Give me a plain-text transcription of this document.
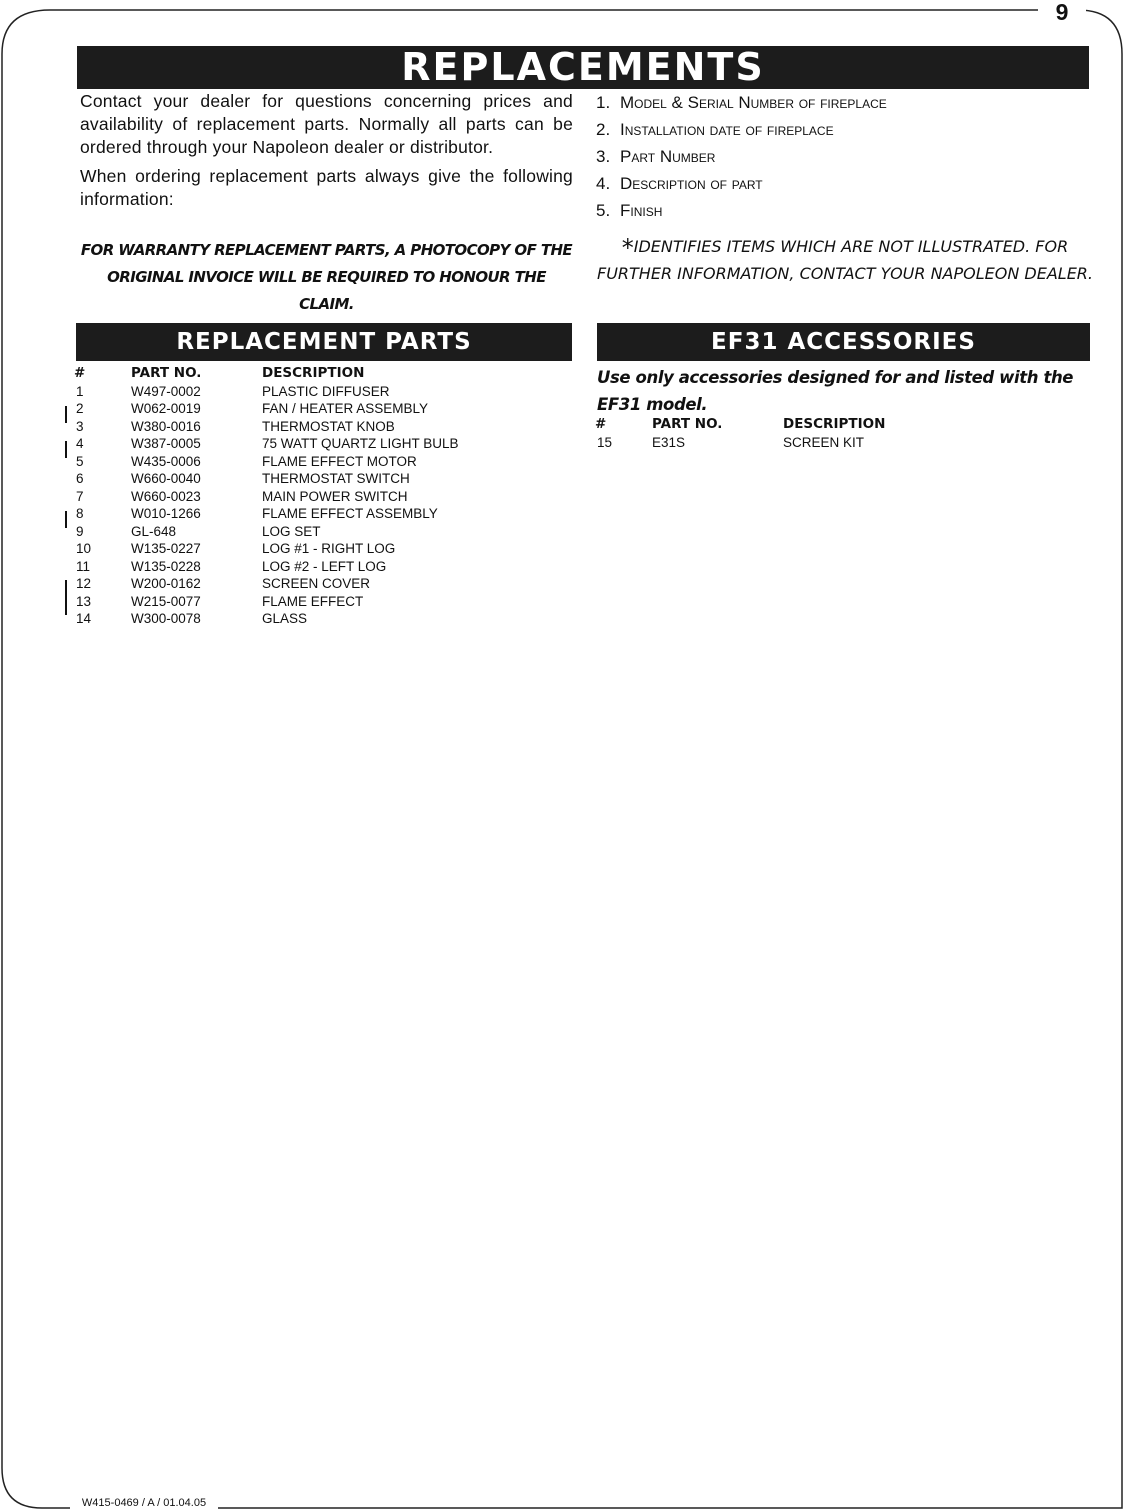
9
W415-0469 / A / 01.04.05
REPLACEMENTS

Contact your dealer for questions concerning prices and availability of replacement parts. Normally all parts can be ordered through your Napoleon dealer or distributor.

When ordering replacement parts always give the following information:

1. Model & Serial Number of fireplace
2. Installation date of fireplace
3. Part Number
4. Description of part
5. Finish
FOR WARRANTY REPLACEMENT PARTS, A PHOTOCOPY OF THE ORIGINAL INVOICE WILL BE REQUIRED TO HONOUR THE CLAIM.
*IDENTIFIES ITEMS WHICH ARE NOT ILLUSTRATED. FOR FURTHER INFORMATION, CONTACT YOUR NAPOLEON DEALER.
REPLACEMENT PARTS	EF31 ACCESSORIES
#	PART NO.	DESCRIPTION
1	W497-0002	PLASTIC DIFFUSER
2	W062-0019	FAN / HEATER ASSEMBLY
3	W380-0016	THERMOSTAT KNOB
4	W387-0005	75 WATT QUARTZ LIGHT BULB
5	W435-0006	FLAME EFFECT MOTOR
6	W660-0040	THERMOSTAT SWITCH
7	W660-0023	MAIN POWER SWITCH
8	W010-1266	FLAME EFFECT ASSEMBLY
9	GL-648	LOG SET
10	W135-0227	LOG #1 - RIGHT LOG
11	W135-0228	LOG #2 - LEFT LOG
12	W200-0162	SCREEN COVER
13	W215-0077	FLAME EFFECT
14	W300-0078	GLASS
Use only accessories designed for and listed with the EF31 model.
#	PART NO.	DESCRIPTION
15	E31S	SCREEN KIT
